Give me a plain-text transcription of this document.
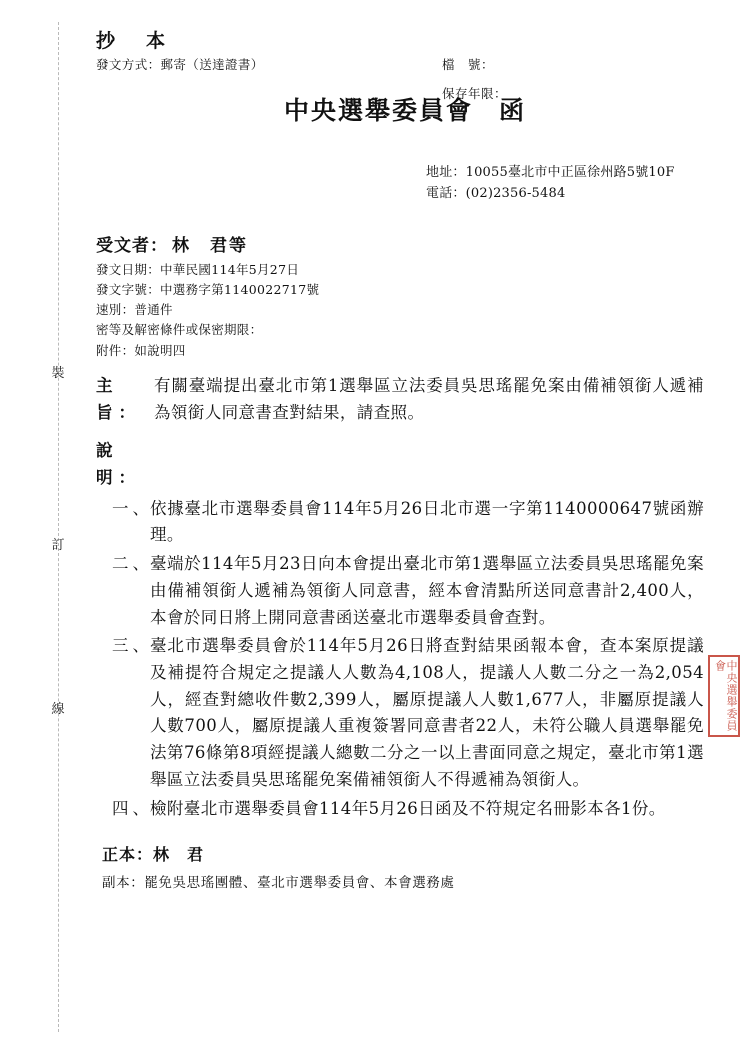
裝
訂
線
抄　本
發文方式：郵寄（送達證書）	檔　號：
保存年限：
中央選舉委員會 函
地址：10055臺北市中正區徐州路5號10F
電話：(02)2356-5484
受文者： 林　君等
發文日期：中華民國114年5月27日
發文字號：中選務字第1140022717號
速別：普通件
密等及解密條件或保密期限：
附件：如說明四
主旨：
有關臺端提出臺北市第1選舉區立法委員吳思瑤罷免案由備補領銜人遞補為領銜人同意書查對結果，請查照。
說明：
一、
依據臺北市選舉委員會114年5月26日北市選一字第1140000647號函辦理。
二、
臺端於114年5月23日向本會提出臺北市第1選舉區立法委員吳思瑤罷免案由備補領銜人遞補為領銜人同意書，經本會清點所送同意書計2,400人，本會於同日將上開同意書函送臺北市選舉委員會查對。
三、
臺北市選舉委員會於114年5月26日將查對結果函報本會，查本案原提議及補提符合規定之提議人人數為4,108人，提議人人數二分之一為2,054人，經查對總收件數2,399人，屬原提議人人數1,677人，非屬原提議人人數700人，屬原提議人重複簽署同意書者22人，未符公職人員選舉罷免法第76條第8項經提議人總數二分之一以上書面同意之規定，臺北市第1選舉區立法委員吳思瑤罷免案備補領銜人不得遞補為領銜人。
四、
檢附臺北市選舉委員會114年5月26日函及不符規定名冊影本各1份。
正本：林　君
副本：罷免吳思瑤團體、臺北市選舉委員會、本會選務處
中央選舉委員會
